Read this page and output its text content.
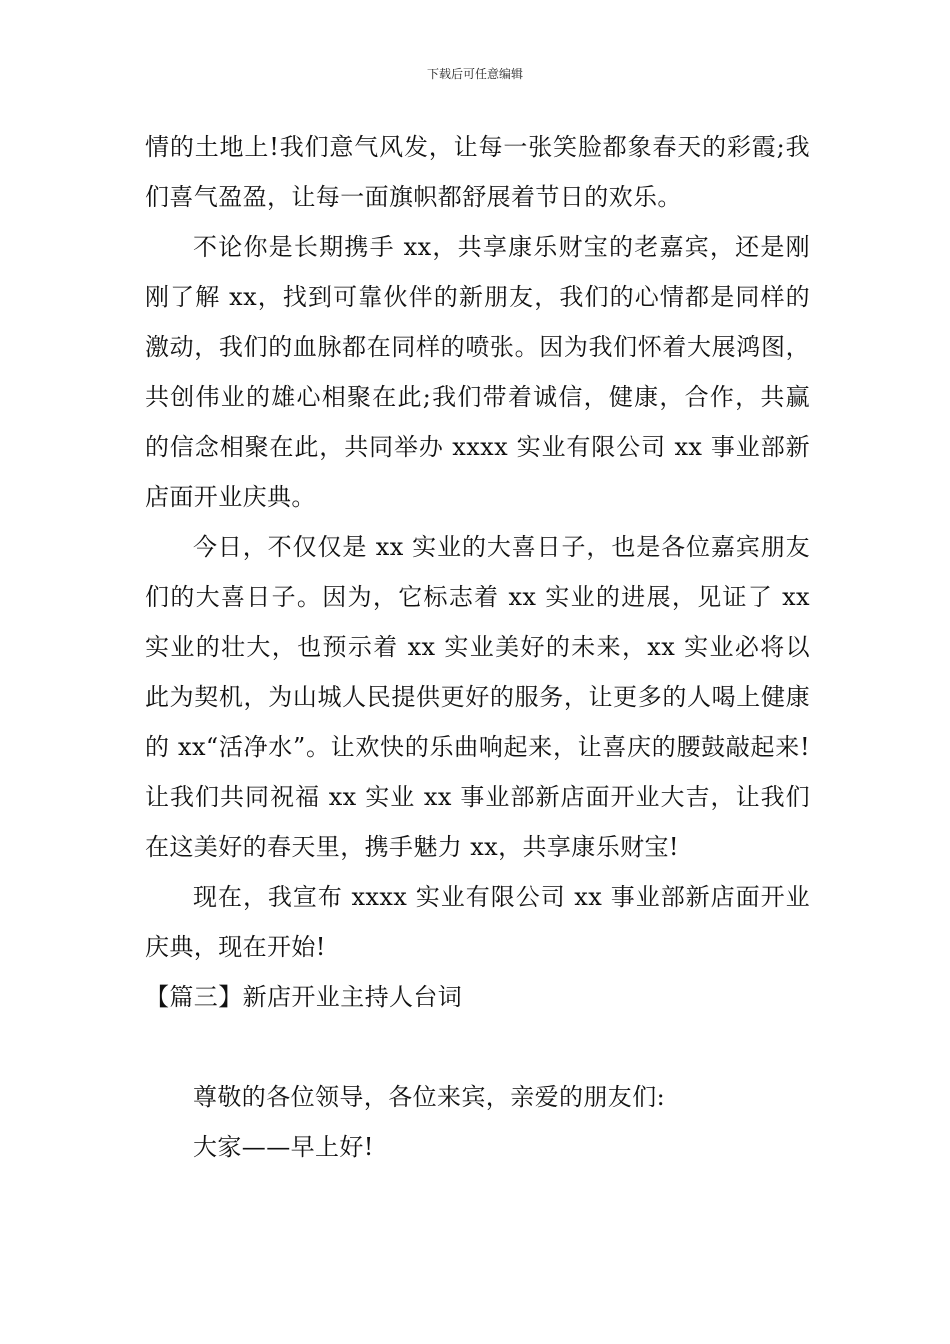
下载后可任意编辑

情的土地上!我们意气风发，让每一张笑脸都象春天的彩霞;我们喜气盈盈，让每一面旗帜都舒展着节日的欢乐。

不论你是长期携手 xx，共享康乐财宝的老嘉宾，还是刚刚了解 xx，找到可靠伙伴的新朋友，我们的心情都是同样的激动，我们的血脉都在同样的喷张。因为我们怀着大展鸿图，共创伟业的雄心相聚在此;我们带着诚信，健康，合作，共赢的信念相聚在此，共同举办 xxxx 实业有限公司 xx 事业部新店面开业庆典。

今日，不仅仅是 xx 实业的大喜日子，也是各位嘉宾朋友们的大喜日子。因为，它标志着 xx 实业的进展，见证了 xx 实业的壮大，也预示着 xx 实业美好的未来，xx 实业必将以此为契机，为山城人民提供更好的服务，让更多的人喝上健康的 xx“活净水”。让欢快的乐曲响起来，让喜庆的腰鼓敲起来!让我们共同祝福 xx 实业 xx 事业部新店面开业大吉，让我们在这美好的春天里，携手魅力 xx，共享康乐财宝!

现在，我宣布 xxxx 实业有限公司 xx 事业部新店面开业庆典，现在开始!

【篇三】新店开业主持人台词

尊敬的各位领导，各位来宾，亲爱的朋友们:

大家——早上好!
